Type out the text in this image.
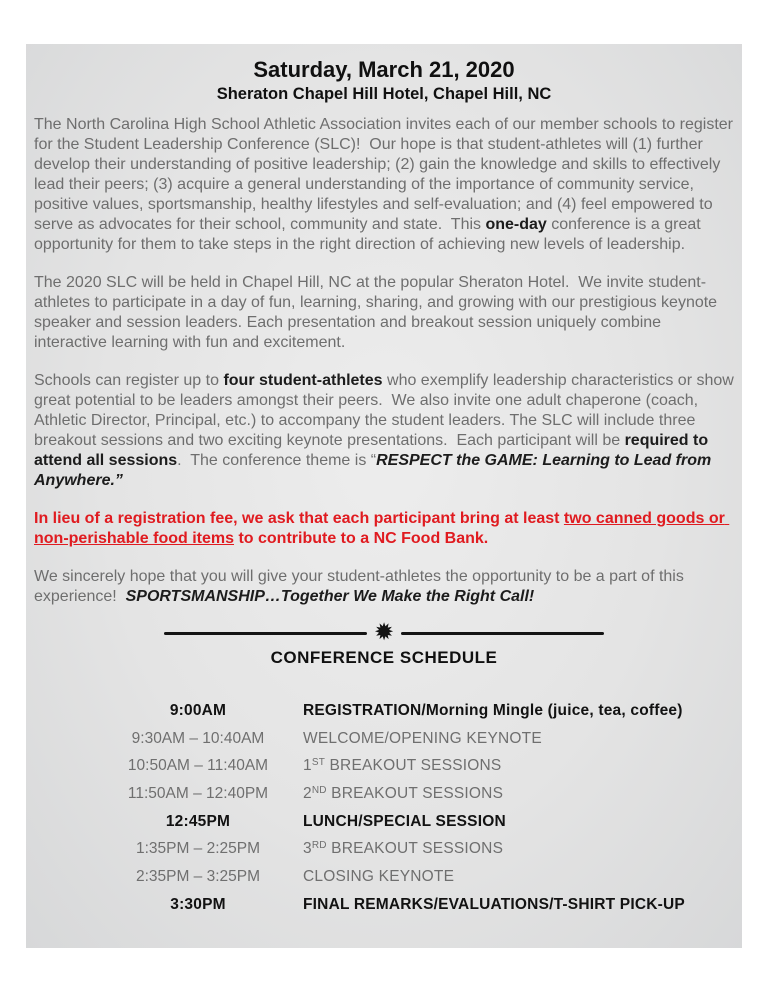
Saturday, March 21, 2020
Sheraton Chapel Hill Hotel, Chapel Hill, NC

The North Carolina High School Athletic Association invites each of our member schools to register for the Student Leadership Conference (SLC)!  Our hope is that student-athletes will (1) further develop their understanding of positive leadership; (2) gain the knowledge and skills to effectively lead their peers; (3) acquire a general understanding of the importance of community service, positive values, sportsmanship, healthy lifestyles and self-evaluation; and (4) feel empowered to serve as advocates for their school, community and state.  This one-day conference is a great opportunity for them to take steps in the right direction of achieving new levels of leadership.

The 2020 SLC will be held in Chapel Hill, NC at the popular Sheraton Hotel.  We invite student-athletes to participate in a day of fun, learning, sharing, and growing with our prestigious keynote speaker and session leaders. Each presentation and breakout session uniquely combine interactive learning with fun and excitement.

Schools can register up to four student-athletes who exemplify leadership characteristics or show great potential to be leaders amongst their peers.  We also invite one adult chaperone (coach, Athletic Director, Principal, etc.) to accompany the student leaders. The SLC will include three breakout sessions and two exciting keynote presentations.  Each participant will be required to attend all sessions.  The conference theme is “RESPECT the GAME: Learning to Lead from Anywhere.”

In lieu of a registration fee, we ask that each participant bring at least two canned goods or non-perishable food items to contribute to a NC Food Bank.

We sincerely hope that you will give your student-athletes the opportunity to be a part of this experience!  SPORTSMANSHIP…Together We Make the Right Call!

✹
CONFERENCE SCHEDULE
9:00AM	REGISTRATION/Morning Mingle (juice, tea, coffee)
9:30AM – 10:40AM	WELCOME/OPENING KEYNOTE
10:50AM – 11:40AM	1ST BREAKOUT SESSIONS
11:50AM – 12:40PM	2ND BREAKOUT SESSIONS
12:45PM	LUNCH/SPECIAL SESSION
1:35PM – 2:25PM	3RD BREAKOUT SESSIONS
2:35PM – 3:25PM	CLOSING KEYNOTE
3:30PM	FINAL REMARKS/EVALUATIONS/T-SHIRT PICK-UP
